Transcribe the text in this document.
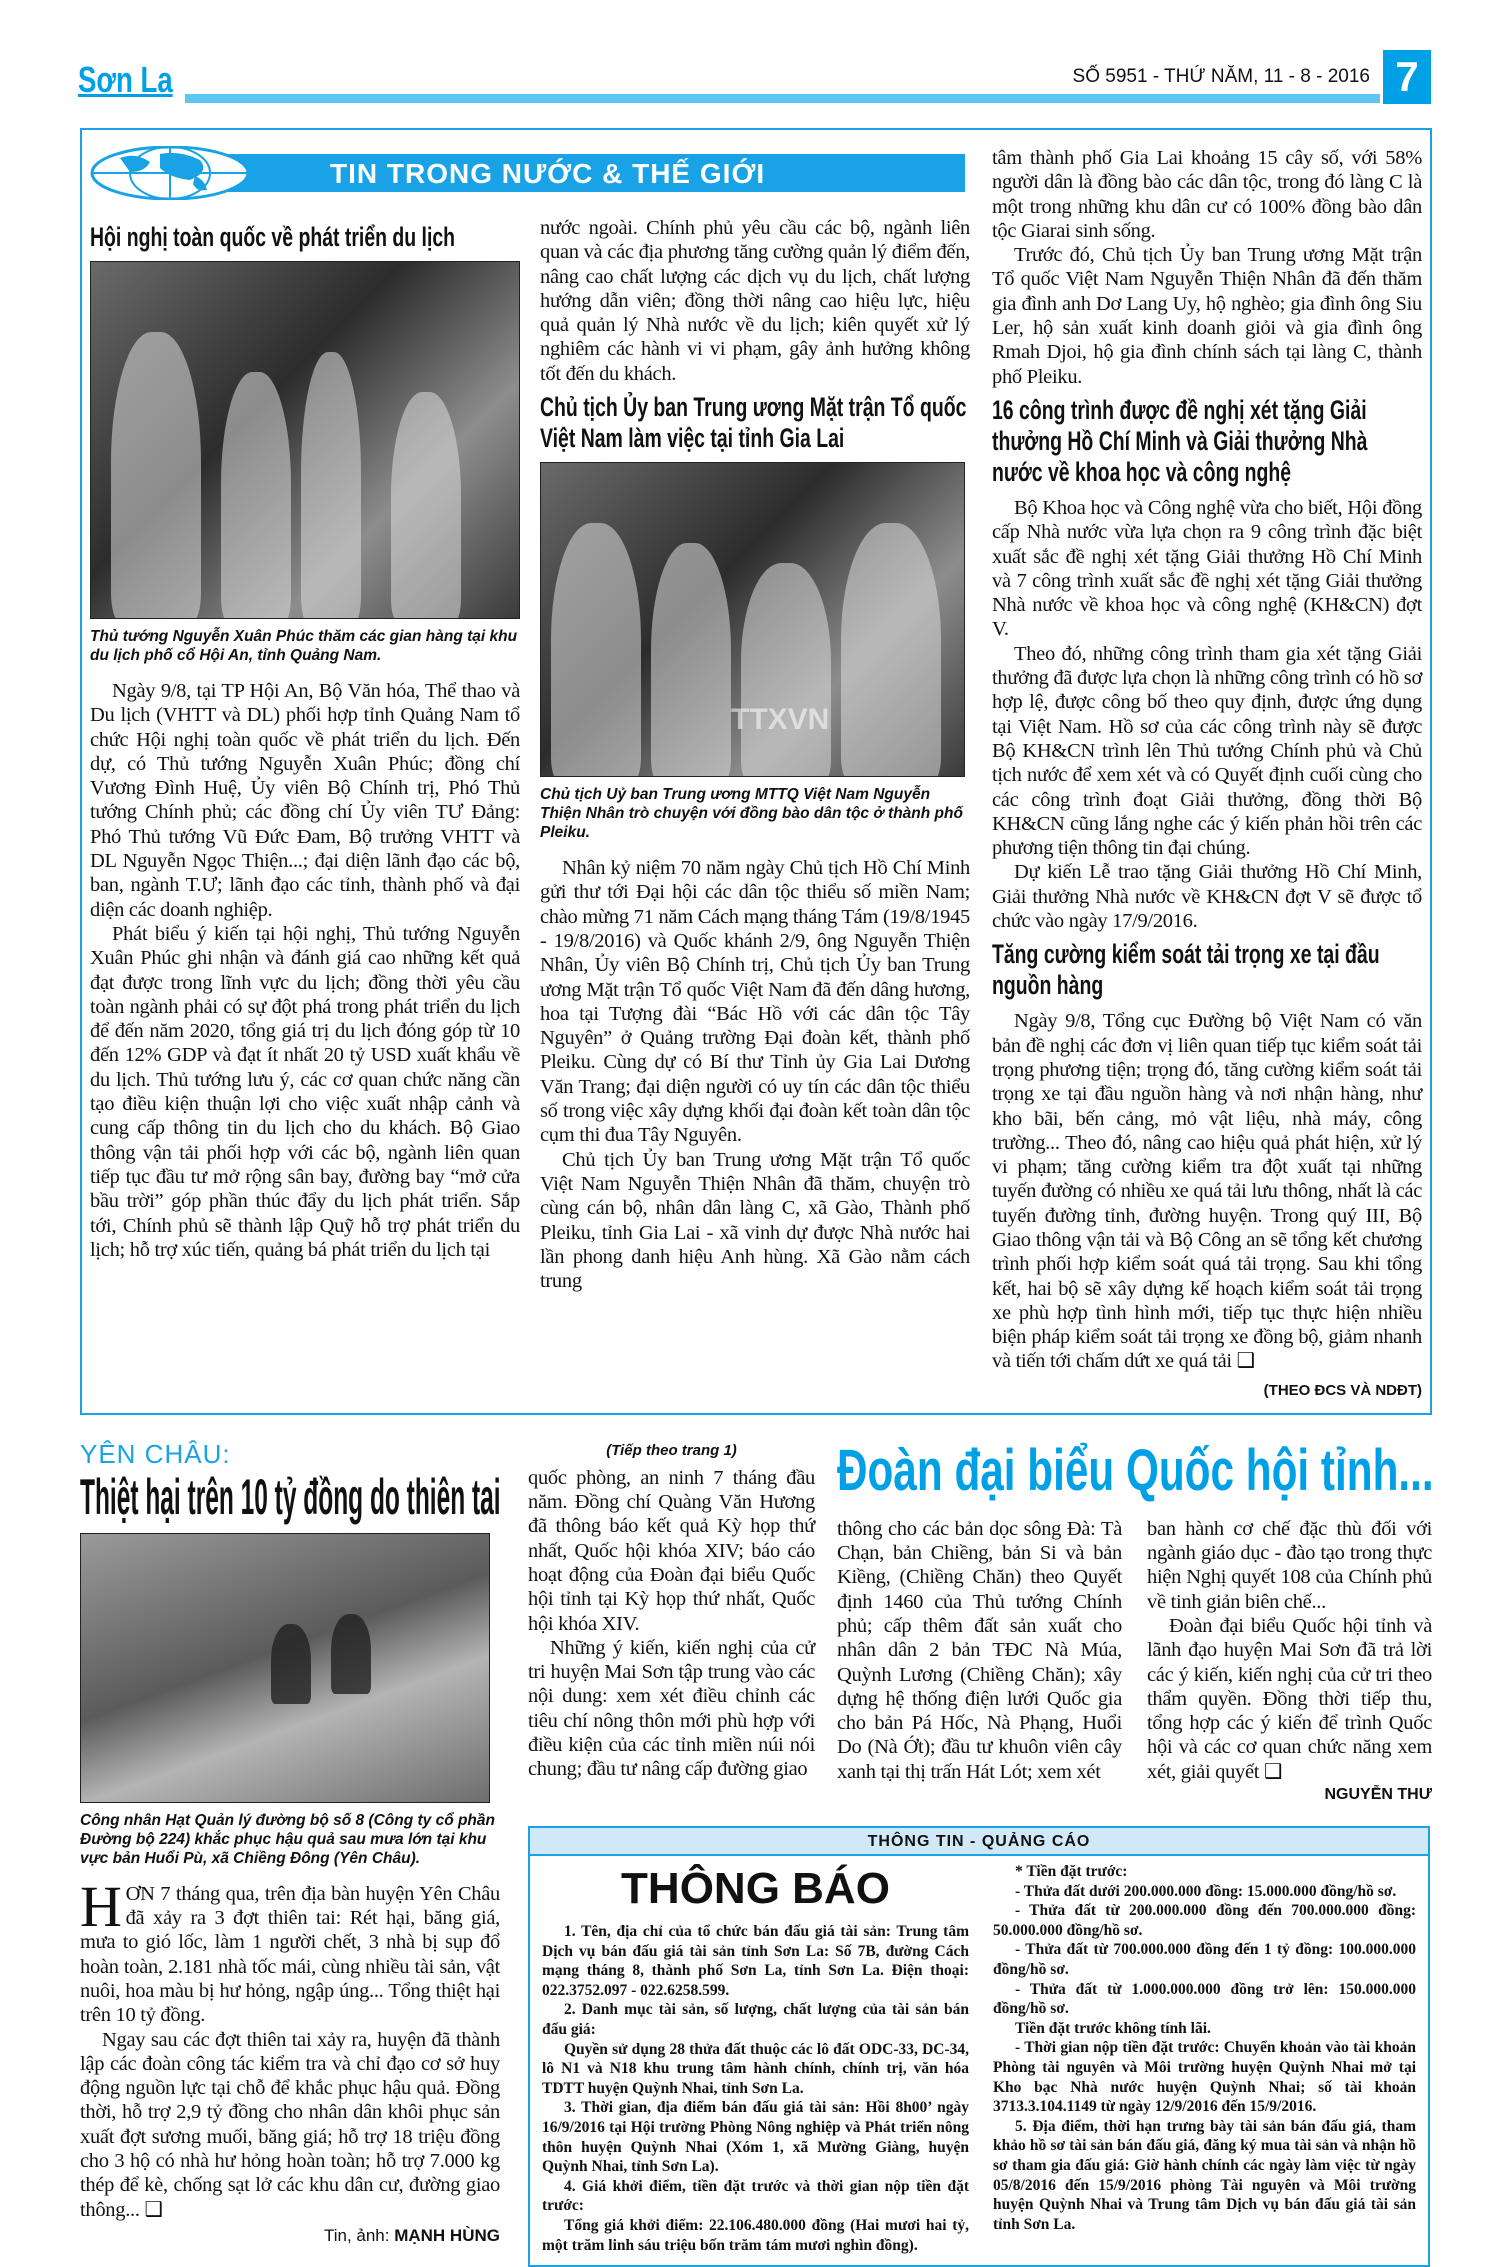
Sơn La	SỐ 5951 - THỨ NĂM, 11 - 8 - 2016 7
TIN TRONG NƯỚC & THẾ GIỚI
Hội nghị toàn quốc về phát triển du lịch
Thủ tướng Nguyễn Xuân Phúc thăm các gian hàng tại khu du lịch phố cổ Hội An, tỉnh Quảng Nam.

Ngày 9/8, tại TP Hội An, Bộ Văn hóa, Thể thao và Du lịch (VHTT và DL) phối hợp tỉnh Quảng Nam tổ chức Hội nghị toàn quốc về phát triển du lịch. Đến dự, có Thủ tướng Nguyễn Xuân Phúc; đồng chí Vương Đình Huệ, Ủy viên Bộ Chính trị, Phó Thủ tướng Chính phủ; các đồng chí Ủy viên TƯ Đảng: Phó Thủ tướng Vũ Đức Đam, Bộ trưởng VHTT và DL Nguyễn Ngọc Thiện...; đại diện lãnh đạo các bộ, ban, ngành T.Ư; lãnh đạo các tỉnh, thành phố và đại diện các doanh nghiệp.

Phát biểu ý kiến tại hội nghị, Thủ tướng Nguyễn Xuân Phúc ghi nhận và đánh giá cao những kết quả đạt được trong lĩnh vực du lịch; đồng thời yêu cầu toàn ngành phải có sự đột phá trong phát triển du lịch để đến năm 2020, tổng giá trị du lịch đóng góp từ 10 đến 12% GDP và đạt ít nhất 20 tỷ USD xuất khẩu về du lịch. Thủ tướng lưu ý, các cơ quan chức năng cần tạo điều kiện thuận lợi cho việc xuất nhập cảnh và cung cấp thông tin du lịch cho du khách. Bộ Giao thông vận tải phối hợp với các bộ, ngành liên quan tiếp tục đầu tư mở rộng sân bay, đường bay “mở cửa bầu trời” góp phần thúc đẩy du lịch phát triển. Sắp tới, Chính phủ sẽ thành lập Quỹ hỗ trợ phát triển du lịch; hỗ trợ xúc tiến, quảng bá phát triển du lịch tại

nước ngoài. Chính phủ yêu cầu các bộ, ngành liên quan và các địa phương tăng cường quản lý điểm đến, nâng cao chất lượng các dịch vụ du lịch, chất lượng hướng dẫn viên; đồng thời nâng cao hiệu lực, hiệu quả quản lý Nhà nước về du lịch; kiên quyết xử lý nghiêm các hành vi vi phạm, gây ảnh hưởng không tốt đến du khách.

Chủ tịch Ủy ban Trung ương Mặt trận Tổ quốc Việt Nam làm việc tại tỉnh Gia Lai
TTXVN
Chủ tịch Uỷ ban Trung ương MTTQ Việt Nam Nguyễn Thiện Nhân trò chuyện với đồng bào dân tộc ở thành phố Pleiku.

Nhân kỷ niệm 70 năm ngày Chủ tịch Hồ Chí Minh gửi thư tới Đại hội các dân tộc thiểu số miền Nam; chào mừng 71 năm Cách mạng tháng Tám (19/8/1945 - 19/8/2016) và Quốc khánh 2/9, ông Nguyễn Thiện Nhân, Ủy viên Bộ Chính trị, Chủ tịch Ủy ban Trung ương Mặt trận Tổ quốc Việt Nam đã đến dâng hương, hoa tại Tượng đài “Bác Hồ với các dân tộc Tây Nguyên” ở Quảng trường Đại đoàn kết, thành phố Pleiku. Cùng dự có Bí thư Tỉnh ủy Gia Lai Dương Văn Trang; đại diện người có uy tín các dân tộc thiểu số trong việc xây dựng khối đại đoàn kết toàn dân tộc cụm thi đua Tây Nguyên.

Chủ tịch Ủy ban Trung ương Mặt trận Tổ quốc Việt Nam Nguyễn Thiện Nhân đã thăm, chuyện trò cùng cán bộ, nhân dân làng C, xã Gào, Thành phố Pleiku, tỉnh Gia Lai - xã vinh dự được Nhà nước hai lần phong danh hiệu Anh hùng. Xã Gào nằm cách trung

tâm thành phố Gia Lai khoảng 15 cây số, với 58% người dân là đồng bào các dân tộc, trong đó làng C là một trong những khu dân cư có 100% đồng bào dân tộc Giarai sinh sống.

Trước đó, Chủ tịch Ủy ban Trung ương Mặt trận Tổ quốc Việt Nam Nguyễn Thiện Nhân đã đến thăm gia đình anh Dơ Lang Uy, hộ nghèo; gia đình ông Siu Ler, hộ sản xuất kinh doanh giỏi và gia đình ông Rmah Djoi, hộ gia đình chính sách tại làng C, thành phố Pleiku.

16 công trình được đề nghị xét tặng Giải thưởng Hồ Chí Minh và Giải thưởng Nhà nước về khoa học và công nghệ

Bộ Khoa học và Công nghệ vừa cho biết, Hội đồng cấp Nhà nước vừa lựa chọn ra 9 công trình đặc biệt xuất sắc đề nghị xét tặng Giải thưởng Hồ Chí Minh và 7 công trình xuất sắc đề nghị xét tặng Giải thưởng Nhà nước về khoa học và công nghệ (KH&CN) đợt V.

Theo đó, những công trình tham gia xét tặng Giải thưởng đã được lựa chọn là những công trình có hồ sơ hợp lệ, được công bố theo quy định, được ứng dụng tại Việt Nam. Hồ sơ của các công trình này sẽ được Bộ KH&CN trình lên Thủ tướng Chính phủ và Chủ tịch nước để xem xét và có Quyết định cuối cùng cho các công trình đoạt Giải thưởng, đồng thời Bộ KH&CN cũng lắng nghe các ý kiến phản hồi trên các phương tiện thông tin đại chúng.

Dự kiến Lễ trao tặng Giải thưởng Hồ Chí Minh, Giải thưởng Nhà nước về KH&CN đợt V sẽ được tổ chức vào ngày 17/9/2016.

Tăng cường kiểm soát tải trọng xe tại đầu nguồn hàng

Ngày 9/8, Tổng cục Đường bộ Việt Nam có văn bản đề nghị các đơn vị liên quan tiếp tục kiểm soát tải trọng phương tiện; trọng đó, tăng cường kiểm soát tải trọng xe tại đầu nguồn hàng và nơi nhận hàng, như kho bãi, bến cảng, mỏ vật liệu, nhà máy, công trường... Theo đó, nâng cao hiệu quả phát hiện, xử lý vi phạm; tăng cường kiểm tra đột xuất tại những tuyến đường có nhiều xe quá tải lưu thông, nhất là các tuyến đường tỉnh, đường huyện. Trong quý III, Bộ Giao thông vận tải và Bộ Công an sẽ tổng kết chương trình phối hợp kiểm soát quá tải trọng. Sau khi tổng kết, hai bộ sẽ xây dựng kế hoạch kiểm soát tải trọng xe phù hợp tình hình mới, tiếp tục thực hiện nhiều biện pháp kiểm soát tải trọng xe đồng bộ, giảm nhanh và tiến tới chấm dứt xe quá tải ❑

(THEO ĐCS VÀ NDĐT)
YÊN CHÂU:
Thiệt hại trên 10 tỷ đồng do thiên tai
Công nhân Hạt Quản lý đường bộ số 8 (Công ty cổ phần Đường bộ 224) khắc phục hậu quả sau mưa lớn tại khu vực bản Huổi Pù, xã Chiềng Đông (Yên Châu).

HƠN 7 tháng qua, trên địa bàn huyện Yên Châu đã xảy ra 3 đợt thiên tai: Rét hại, băng giá, mưa to gió lốc, làm 1 người chết, 3 nhà bị sụp đổ hoàn toàn, 2.181 nhà tốc mái, cùng nhiều tài sản, vật nuôi, hoa màu bị hư hỏng, ngập úng... Tổng thiệt hại trên 10 tỷ đồng.

Ngay sau các đợt thiên tai xảy ra, huyện đã thành lập các đoàn công tác kiểm tra và chỉ đạo cơ sở huy động nguồn lực tại chỗ để khắc phục hậu quả. Đồng thời, hỗ trợ 2,9 tỷ đồng cho nhân dân khôi phục sản xuất đợt sương muối, băng giá; hỗ trợ 18 triệu đồng cho 3 hộ có nhà hư hỏng hoàn toàn; hỗ trợ 7.000 kg thép để kè, chống sạt lở các khu dân cư, đường giao thông... ❑

Tin, ảnh: MẠNH HÙNG
(Tiếp theo trang 1)

quốc phòng, an ninh 7 tháng đầu năm. Đồng chí Quàng Văn Hương đã thông báo kết quả Kỳ họp thứ nhất, Quốc hội khóa XIV; báo cáo hoạt động của Đoàn đại biểu Quốc hội tỉnh tại Kỳ họp thứ nhất, Quốc hội khóa XIV.

Những ý kiến, kiến nghị của cử tri huyện Mai Sơn tập trung vào các nội dung: xem xét điều chỉnh các tiêu chí nông thôn mới phù hợp với điều kiện của các tỉnh miền núi nói chung; đầu tư nâng cấp đường giao

Đoàn đại biểu Quốc hội tỉnh...

thông cho các bản dọc sông Đà: Tà Chạn, bản Chiềng, bản Si và bản Kiềng, (Chiềng Chăn) theo Quyết định 1460 của Thủ tướng Chính phủ; cấp thêm đất sản xuất cho nhân dân 2 bản TĐC Nà Múa, Quỳnh Lương (Chiềng Chăn); xây dựng hệ thống điện lưới Quốc gia cho bản Pá Hốc, Nà Phạng, Huổi Do (Nà Ớt); đầu tư khuôn viên cây xanh tại thị trấn Hát Lót; xem xét

ban hành cơ chế đặc thù đối với ngành giáo dục - đào tạo trong thực hiện Nghị quyết 108 của Chính phủ về tinh giản biên chế...

Đoàn đại biểu Quốc hội tỉnh và lãnh đạo huyện Mai Sơn đã trả lời các ý kiến, kiến nghị của cử tri theo thẩm quyền. Đồng thời tiếp thu, tổng hợp các ý kiến để trình Quốc hội và các cơ quan chức năng xem xét, giải quyết ❑

NGUYỄN THƯ
THÔNG TIN - QUẢNG CÁO
THÔNG BÁO

1. Tên, địa chỉ của tổ chức bán đấu giá tài sản: Trung tâm Dịch vụ bán đấu giá tài sản tỉnh Sơn La: Số 7B, đường Cách mạng tháng 8, thành phố Sơn La, tỉnh Sơn La. Điện thoại: 022.3752.097 - 022.6258.599.

2. Danh mục tài sản, số lượng, chất lượng của tài sản bán đấu giá:

Quyền sử dụng 28 thửa đất thuộc các lô đất ODC-33, DC-34, lô N1 và N18 khu trung tâm hành chính, chính trị, văn hóa TDTT huyện Quỳnh Nhai, tỉnh Sơn La.

3. Thời gian, địa điểm bán đấu giá tài sản: Hồi 8h00’ ngày 16/9/2016 tại Hội trường Phòng Nông nghiệp và Phát triển nông thôn huyện Quỳnh Nhai (Xóm 1, xã Mường Giàng, huyện Quỳnh Nhai, tỉnh Sơn La).

4. Giá khởi điểm, tiền đặt trước và thời gian nộp tiền đặt trước:

Tổng giá khởi điểm: 22.106.480.000 đồng (Hai mươi hai tỷ, một trăm linh sáu triệu bốn trăm tám mươi nghìn đồng).

* Tiền đặt trước:

- Thửa đất dưới 200.000.000 đồng: 15.000.000 đồng/hồ sơ.

- Thửa đất từ 200.000.000 đồng đến 700.000.000 đồng: 50.000.000 đồng/hồ sơ.

- Thửa đất từ 700.000.000 đồng đến 1 tỷ đồng: 100.000.000 đồng/hồ sơ.

- Thửa đất từ 1.000.000.000 đồng trở lên: 150.000.000 đồng/hồ sơ.

Tiền đặt trước không tính lãi.

- Thời gian nộp tiền đặt trước: Chuyển khoản vào tài khoản Phòng tài nguyên và Môi trường huyện Quỳnh Nhai mở tại Kho bạc Nhà nước huyện Quỳnh Nhai; số tài khoản 3713.3.104.1149 từ ngày 12/9/2016 đến 15/9/2016.

5. Địa điểm, thời hạn trưng bày tài sản bán đấu giá, tham khảo hồ sơ tài sản bán đấu giá, đăng ký mua tài sản và nhận hồ sơ tham gia đấu giá: Giờ hành chính các ngày làm việc từ ngày 05/8/2016 đến 15/9/2016 phòng Tài nguyên và Môi trường huyện Quỳnh Nhai và Trung tâm Dịch vụ bán đấu giá tài sản tỉnh Sơn La.
